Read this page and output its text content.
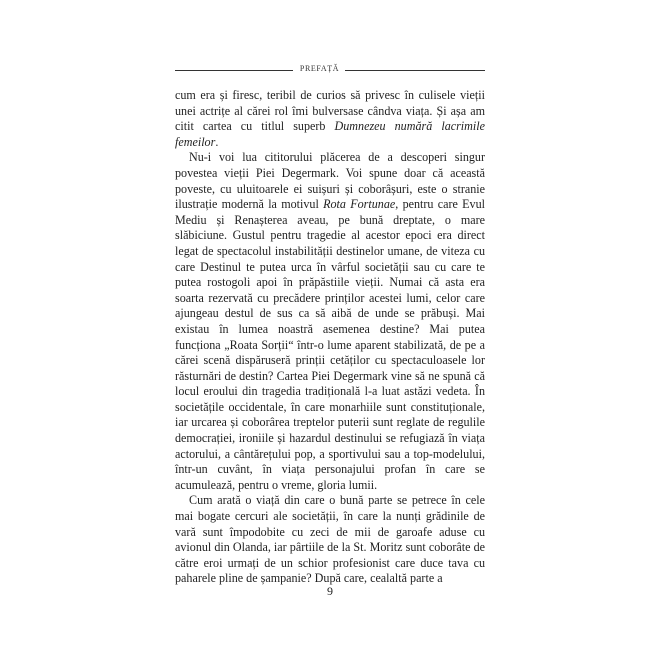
PREFAȚĂ

cum era și firesc, teribil de curios să privesc în culisele vieții unei actrițe al cărei rol îmi bulversase cândva viața. Și așa am citit cartea cu titlul superb Dumnezeu numără lacrimile femeilor.

Nu-i voi lua cititorului plăcerea de a descoperi singur povestea vieții Piei Degermark. Voi spune doar că această poveste, cu uluitoarele ei suișuri și coborâșuri, este o stranie ilustrație modernă la motivul Rota Fortunae, pentru care Evul Mediu și Renașterea aveau, pe bună dreptate, o mare slăbiciune. Gustul pentru tragedie al acestor epoci era direct legat de spectacolul instabilității destinelor umane, de viteza cu care Destinul te putea urca în vârful societății sau cu care te putea rostogoli apoi în prăpăstiile vieții. Numai că asta era soarta rezervată cu precădere prinților acestei lumi, celor care ajungeau destul de sus ca să aibă de unde se prăbuși. Mai existau în lumea noastră asemenea destine? Mai putea funcționa „Roata Sorții“ într-o lume aparent stabilizată, de pe a cărei scenă dispăruseră prinții cetăților cu spectaculoasele lor răsturnări de destin? Cartea Piei Degermark vine să ne spună că locul eroului din tragedia tradițională l-a luat astăzi vedeta. În societățile occidentale, în care monarhiile sunt constituționale, iar urcarea și coborârea treptelor puterii sunt reglate de regulile democrației, ironiile și hazardul destinului se refugiază în viața actorului, a cântărețului pop, a sportivului sau a top-modelului, într-un cuvânt, în viața personajului profan în care se acumulează, pentru o vreme, gloria lumii.

Cum arată o viață din care o bună parte se petrece în cele mai bogate cercuri ale societății, în care la nunți grădinile de vară sunt împodobite cu zeci de mii de garoafe aduse cu avionul din Olanda, iar pârtiile de la St. Moritz sunt coborâte de către eroi urmați de un schior profesionist care duce tava cu paharele pline de șampanie? După care, cealaltă parte a

9
